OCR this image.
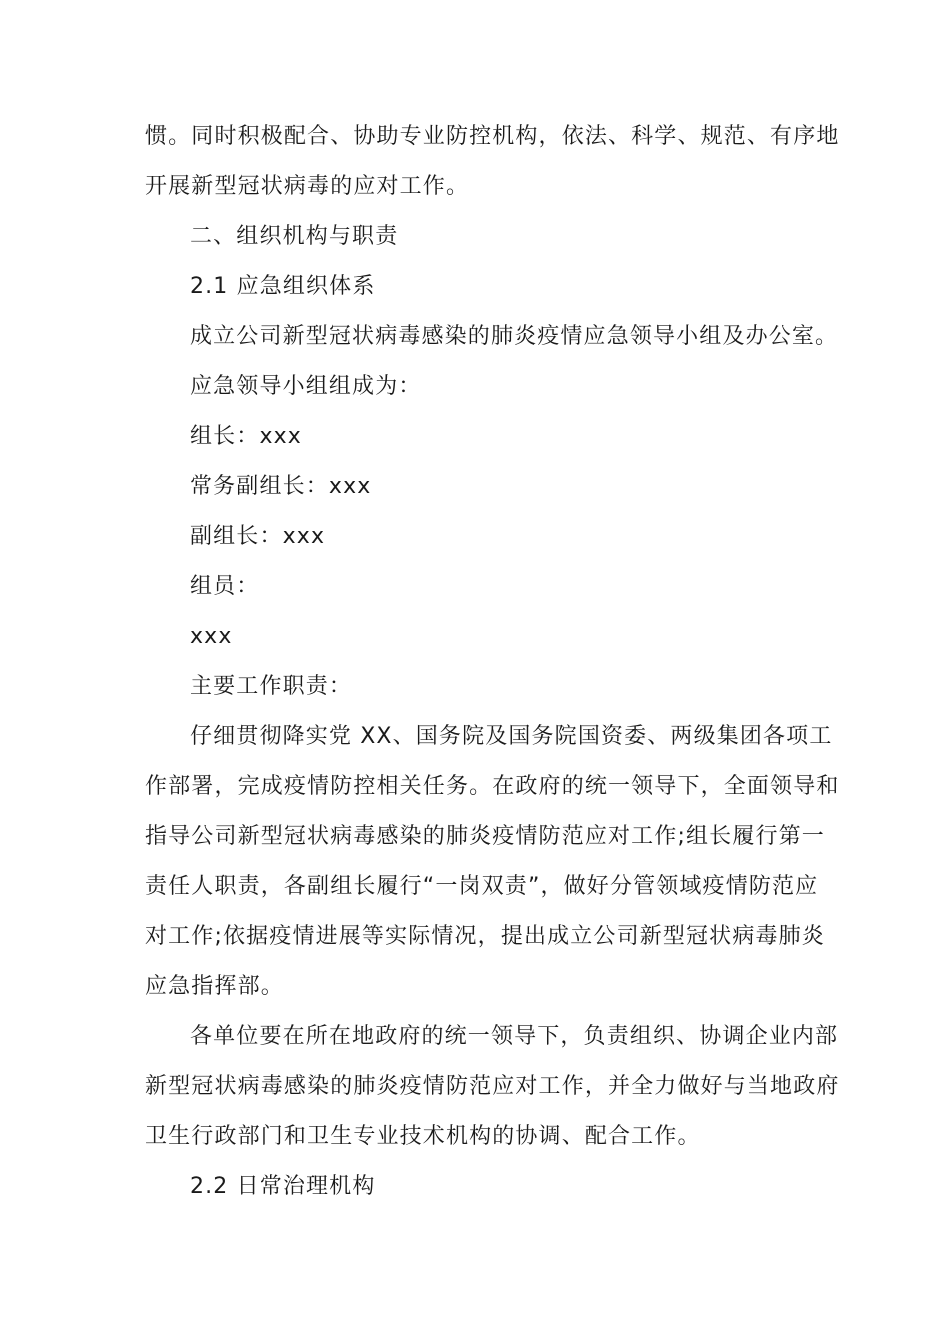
惯。同时积极配合、协助专业防控机构，依法、科学、规范、有序地
开展新型冠状病毒的应对工作。
二、组织机构与职责
2.1 应急组织体系
成立公司新型冠状病毒感染的肺炎疫情应急领导小组及办公室。
应急领导小组组成为：
组长：xxx
常务副组长：xxx
副组长：xxx
组员：
xxx
主要工作职责：
仔细贯彻降实党 XX、国务院及国务院国资委、两级集团各项工
作部署，完成疫情防控相关任务。在政府的统一领导下，全面领导和
指导公司新型冠状病毒感染的肺炎疫情防范应对工作;组长履行第一
责任人职责，各副组长履行“一岗双责”，做好分管领域疫情防范应
对工作;依据疫情进展等实际情况，提出成立公司新型冠状病毒肺炎
应急指挥部。
各单位要在所在地政府的统一领导下，负责组织、协调企业内部
新型冠状病毒感染的肺炎疫情防范应对工作，并全力做好与当地政府
卫生行政部门和卫生专业技术机构的协调、配合工作。
2.2 日常治理机构
